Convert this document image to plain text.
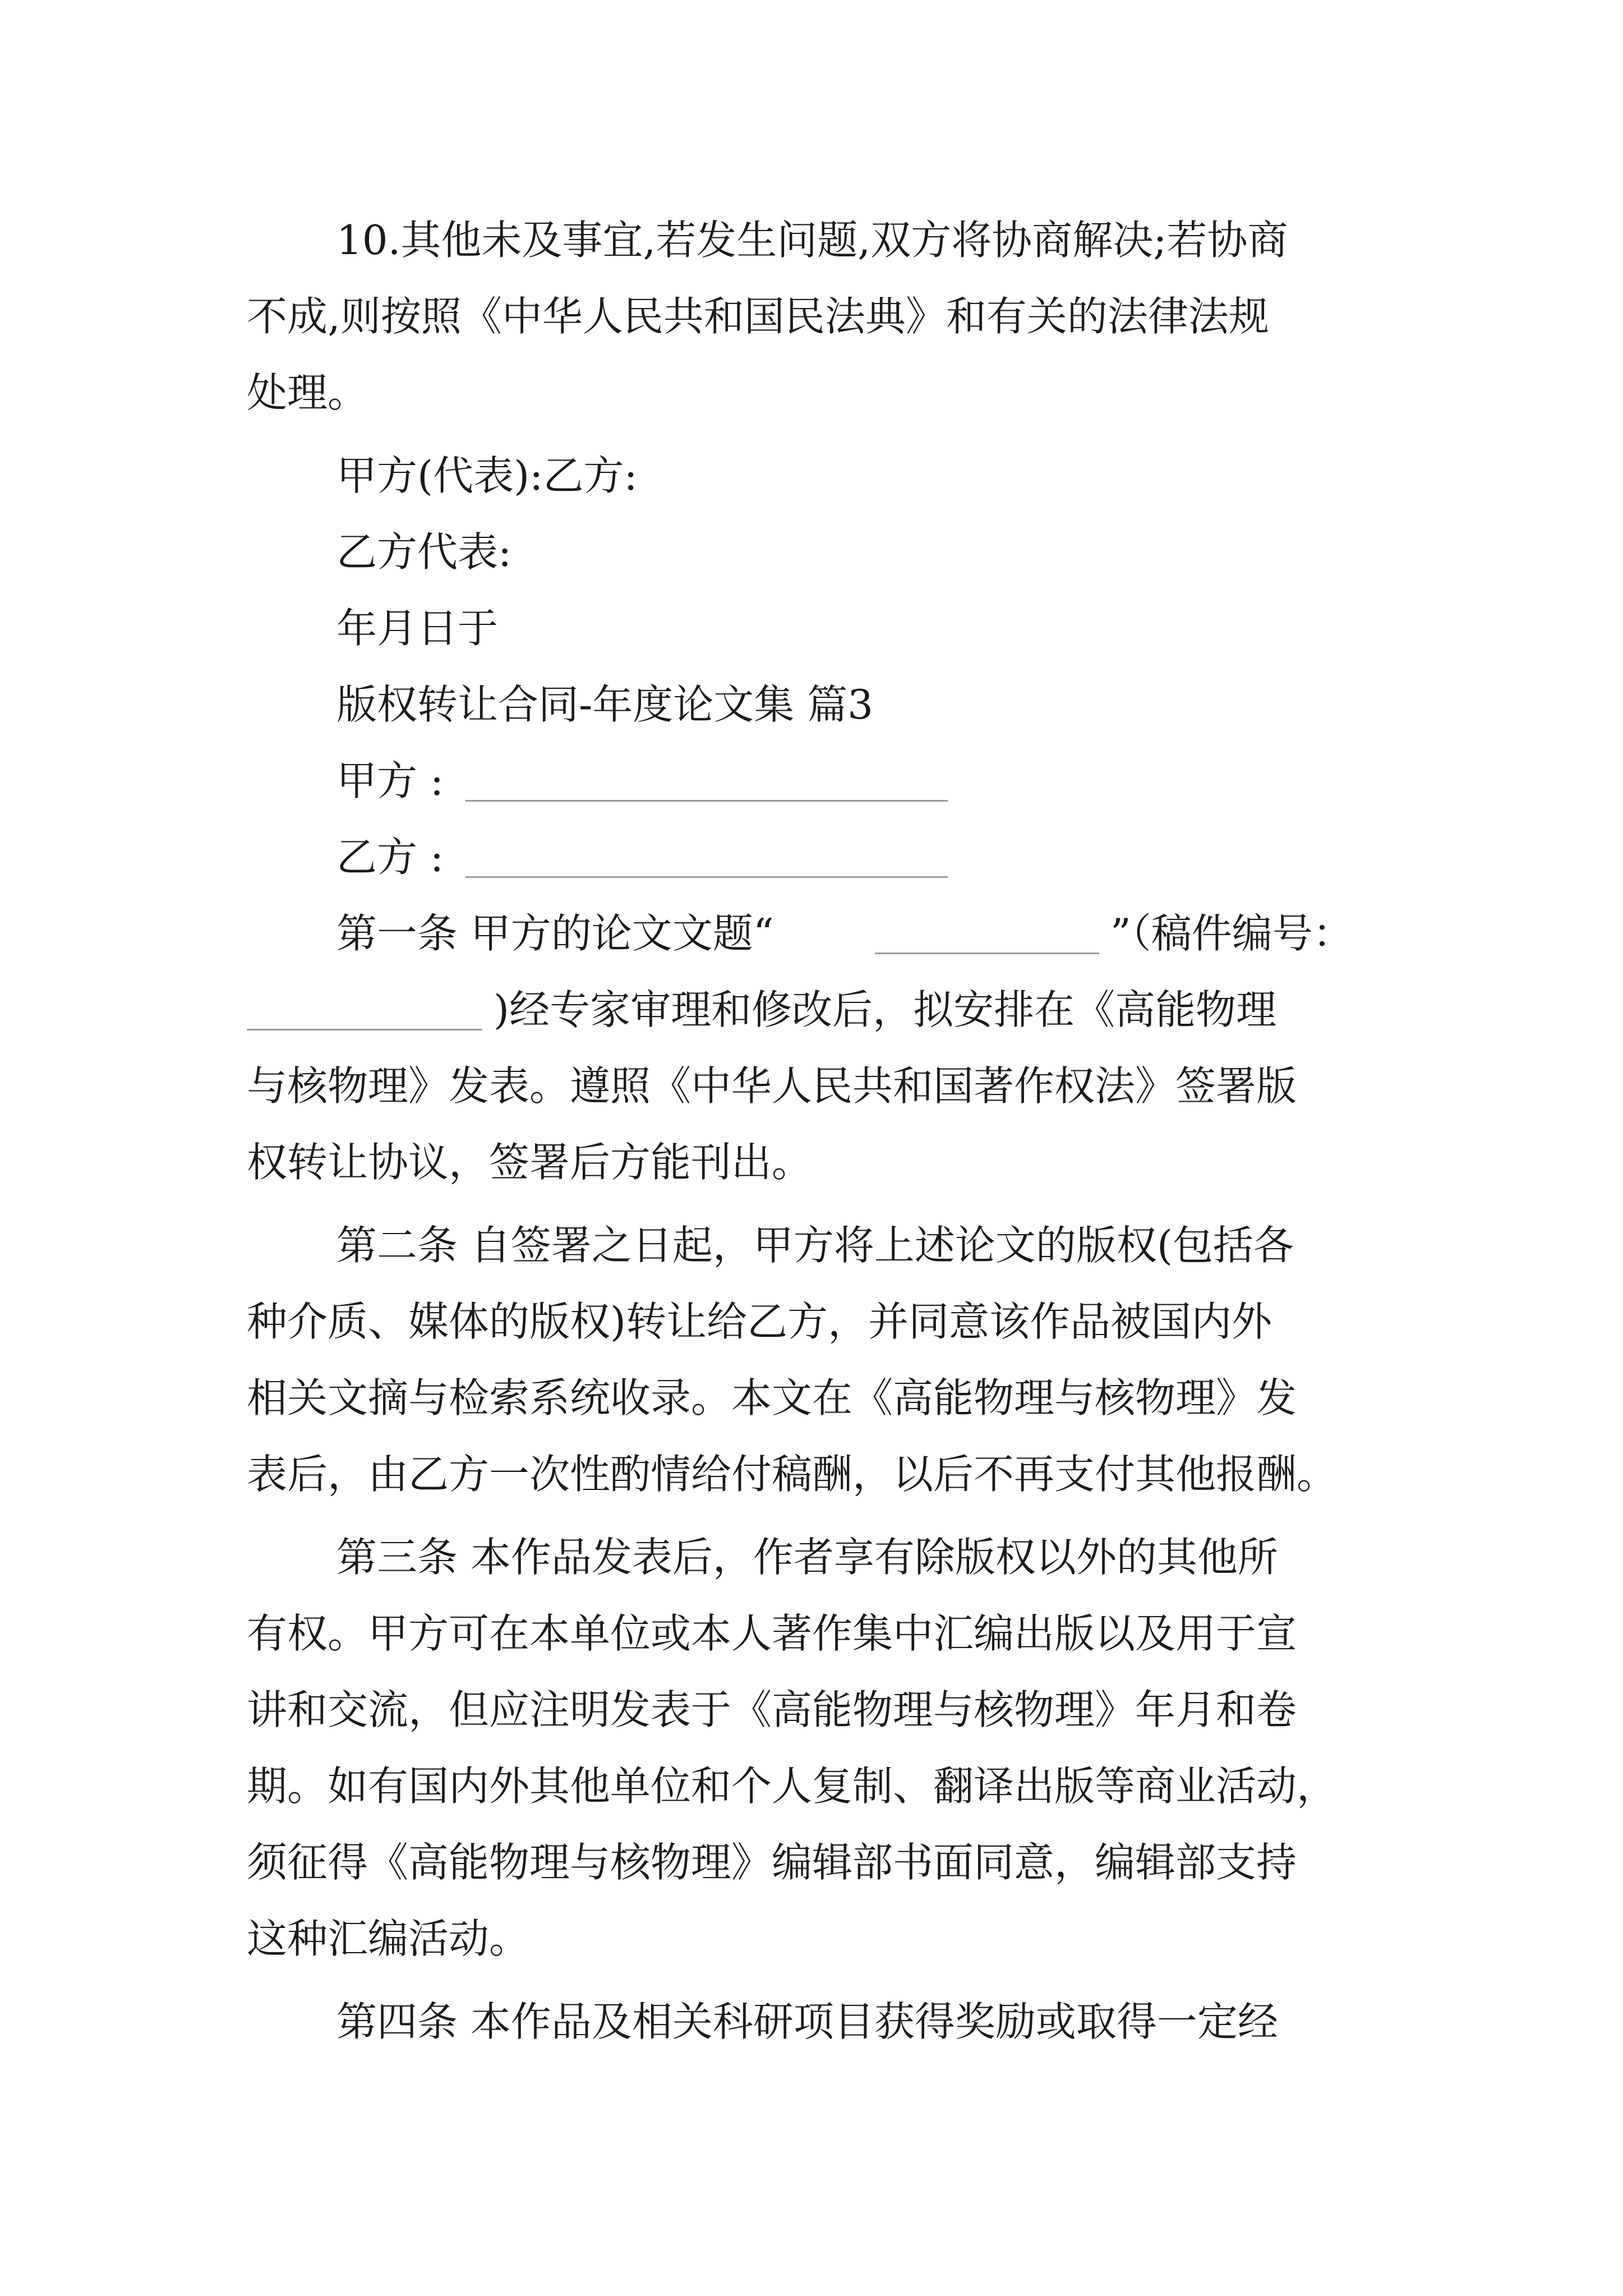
10.其他未及事宜,若发生问题,双方将协商解决;若协商

不成,则按照《中华人民共和国民法典》和有关的法律法规

处理。

甲方(代表):乙方:

乙方代表:

年月日于

版权转让合同-年度论文集 篇3

甲方 :
乙方 :
第一条 甲方的论文文题“	”（稿件编号：
)经专家审理和修改后，拟安排在《高能物理

与核物理》发表。遵照《中华人民共和国著作权法》签署版

权转让协议，签署后方能刊出。

第二条 自签署之日起，甲方将上述论文的版权(包括各

种介质、媒体的版权)转让给乙方，并同意该作品被国内外

相关文摘与检索系统收录。本文在《高能物理与核物理》发

表后，由乙方一次性酌情给付稿酬，以后不再支付其他报酬。

第三条 本作品发表后，作者享有除版权以外的其他所

有权。甲方可在本单位或本人著作集中汇编出版以及用于宣

讲和交流，但应注明发表于《高能物理与核物理》年月和卷

期。如有国内外其他单位和个人复制、翻译出版等商业活动，

须征得《高能物理与核物理》编辑部书面同意，编辑部支持

这种汇编活动。

第四条 本作品及相关科研项目获得奖励或取得一定经
